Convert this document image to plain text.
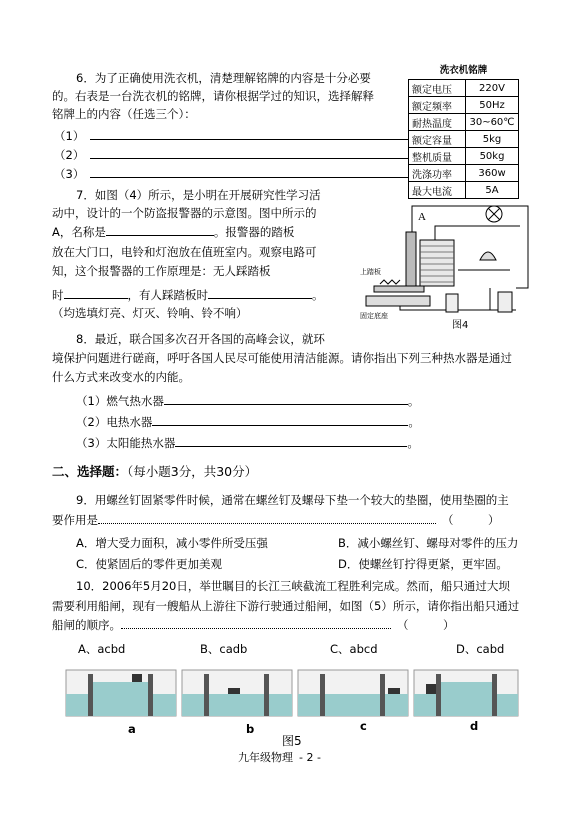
6．为了正确使用洗衣机，清楚理解铭牌的内容是十分必要
的。右表是一台洗衣机的铭牌，请你根据学过的知识，选择解释
铭牌上的内容（任选三个）：
（1）
（2）
（3）
洗衣机铭牌
额定电压	220V
额定频率	50Hz
耐热温度	30~60℃
额定容量	5kg
整机质量	50kg
洗涤功率	360w
最大电流	5A
7．如图（4）所示，是小明在开展研究性学习活
动中，设计的一个防盗报警器的示意图。图中所示的
A，名称是	。报警器的踏板
放在大门口，电铃和灯泡放在值班室内。观察电路可
知，这个报警器的工作原理是：无人踩踏板
时	，有人踩踏板时	。
（均选填灯亮、灯灭、铃响、铃不响）
A
上踏板
固定底座
图4
8．最近，联合国多次召开各国的高峰会议，就环
境保护问题进行磋商，呼吁各国人民尽可能使用清洁能源。请你指出下列三种热水器是通过
什么方式来改变水的内能。
（1）燃气热水器	。
（2）电热水器	。
（3）太阳能热水器	。
二、选择题：（每小题3分，共30分）
9．用螺丝钉固紧零件时候，通常在螺丝钉及螺母下垫一个较大的垫圈，使用垫圈的主
要作用是	（　　　）
A．增大受力面积，减小零件所受压强	B．减小螺丝钉、螺母对零件的压力
C．使紧固后的零件更加美观	D．使螺丝钉拧得更紧，更牢固。
10．2006年5月20日，举世瞩目的长江三峡截流工程胜利完成。然而，船只通过大坝
需要利用船闸，现有一艘船从上游往下游行驶通过船闸，如图（5）所示，请你指出船只通过
船闸的顺序。	（　　　）
A、acbd	B、cadb	C、abcd	D、cabd
a	b	c	d
图5
九年级物理 - 2 -
